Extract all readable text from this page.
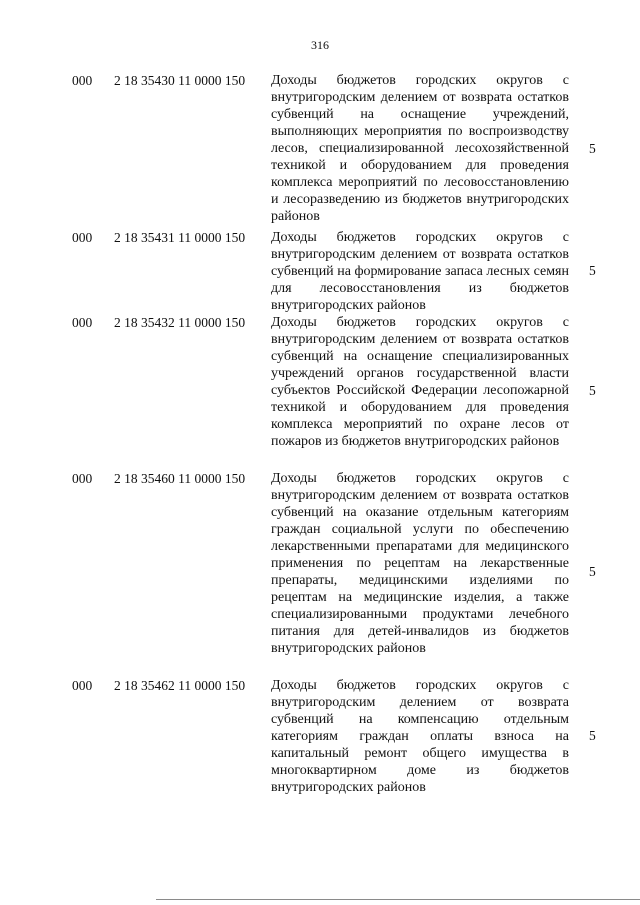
316
000 2 18 35430 11 0000 150 Доходы бюджетов городских округов с внутригородским делением от возврата остатков субвенций на оснащение учреждений, выполняющих мероприятия по воспроизводству лесов, специализированной лесохозяйственной техникой и оборудованием для проведения комплекса мероприятий по лесовосстановлению и лесоразведению из бюджетов внутригородских районов
5
000 2 18 35431 11 0000 150 Доходы бюджетов городских округов с внутригородским делением от возврата остатков субвенций на формирование запаса лесных семян для лесовосстановления из бюджетов внутригородских районов
5
000 2 18 35432 11 0000 150 Доходы бюджетов городских округов с внутригородским делением от возврата остатков субвенций на оснащение специализированных учреждений органов государственной власти субъектов Российской Федерации лесопожарной техникой и оборудованием для проведения комплекса мероприятий по охране лесов от пожаров из бюджетов внутригородских районов
5
000 2 18 35460 11 0000 150 Доходы бюджетов городских округов с внутригородским делением от возврата остатков субвенций на оказание отдельным категориям граждан социальной услуги по обеспечению лекарственными препаратами для медицинского применения по рецептам на лекарственные препараты, медицинскими изделиями по рецептам на медицинские изделия, а также специализированными продуктами лечебного питания для детей-инвалидов из бюджетов внутригородских районов
5
000 2 18 35462 11 0000 150 Доходы бюджетов городских округов с внутригородским делением от возврата субвенций на компенсацию отдельным категориям граждан оплаты взноса на капитальный ремонт общего имущества в многоквартирном доме из бюджетов внутригородских районов
5
